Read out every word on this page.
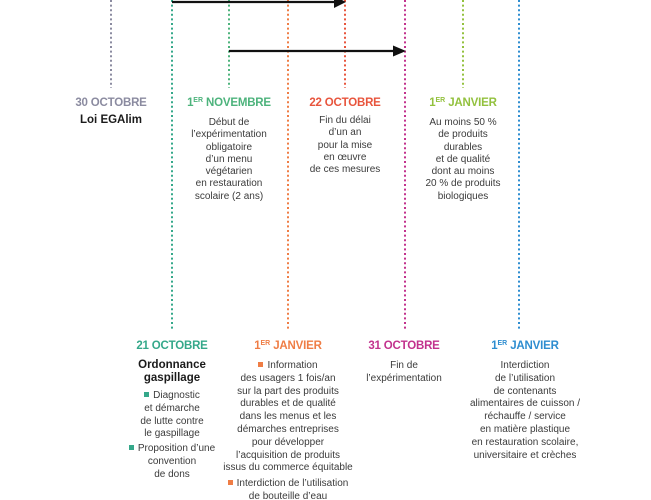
30 OCTOBRE
Loi EGAlim
1ER NOVEMBRE
Début de
l’expérimentation
obligatoire
d’un menu
végétarien
en restauration
scolaire (2 ans)
22 OCTOBRE
Fin du délai
d’un an
pour la mise
en œuvre
de ces mesures
1ER JANVIER
Au moins 50 %
de produits
durables
et de qualité
dont au moins
20 % de produits
biologiques
21 OCTOBRE
Ordonnance
gaspillage
Diagnostic
et démarche
de lutte contre
le gaspillage
Proposition d’une
convention
de dons
1ER JANVIER
Information
des usagers 1 fois/an
sur la part des produits
durables et de qualité
dans les menus et les
démarches entreprises
pour développer
l’acquisition de produits
issus du commerce équitable
Interdiction de l’utilisation
de bouteille d’eau
31 OCTOBRE
Fin de
l’expérimentation
1ER JANVIER
Interdiction
de l’utilisation
de contenants
alimentaires de cuisson /
réchauffe / service
en matière plastique
en restauration scolaire,
universitaire et crèches
